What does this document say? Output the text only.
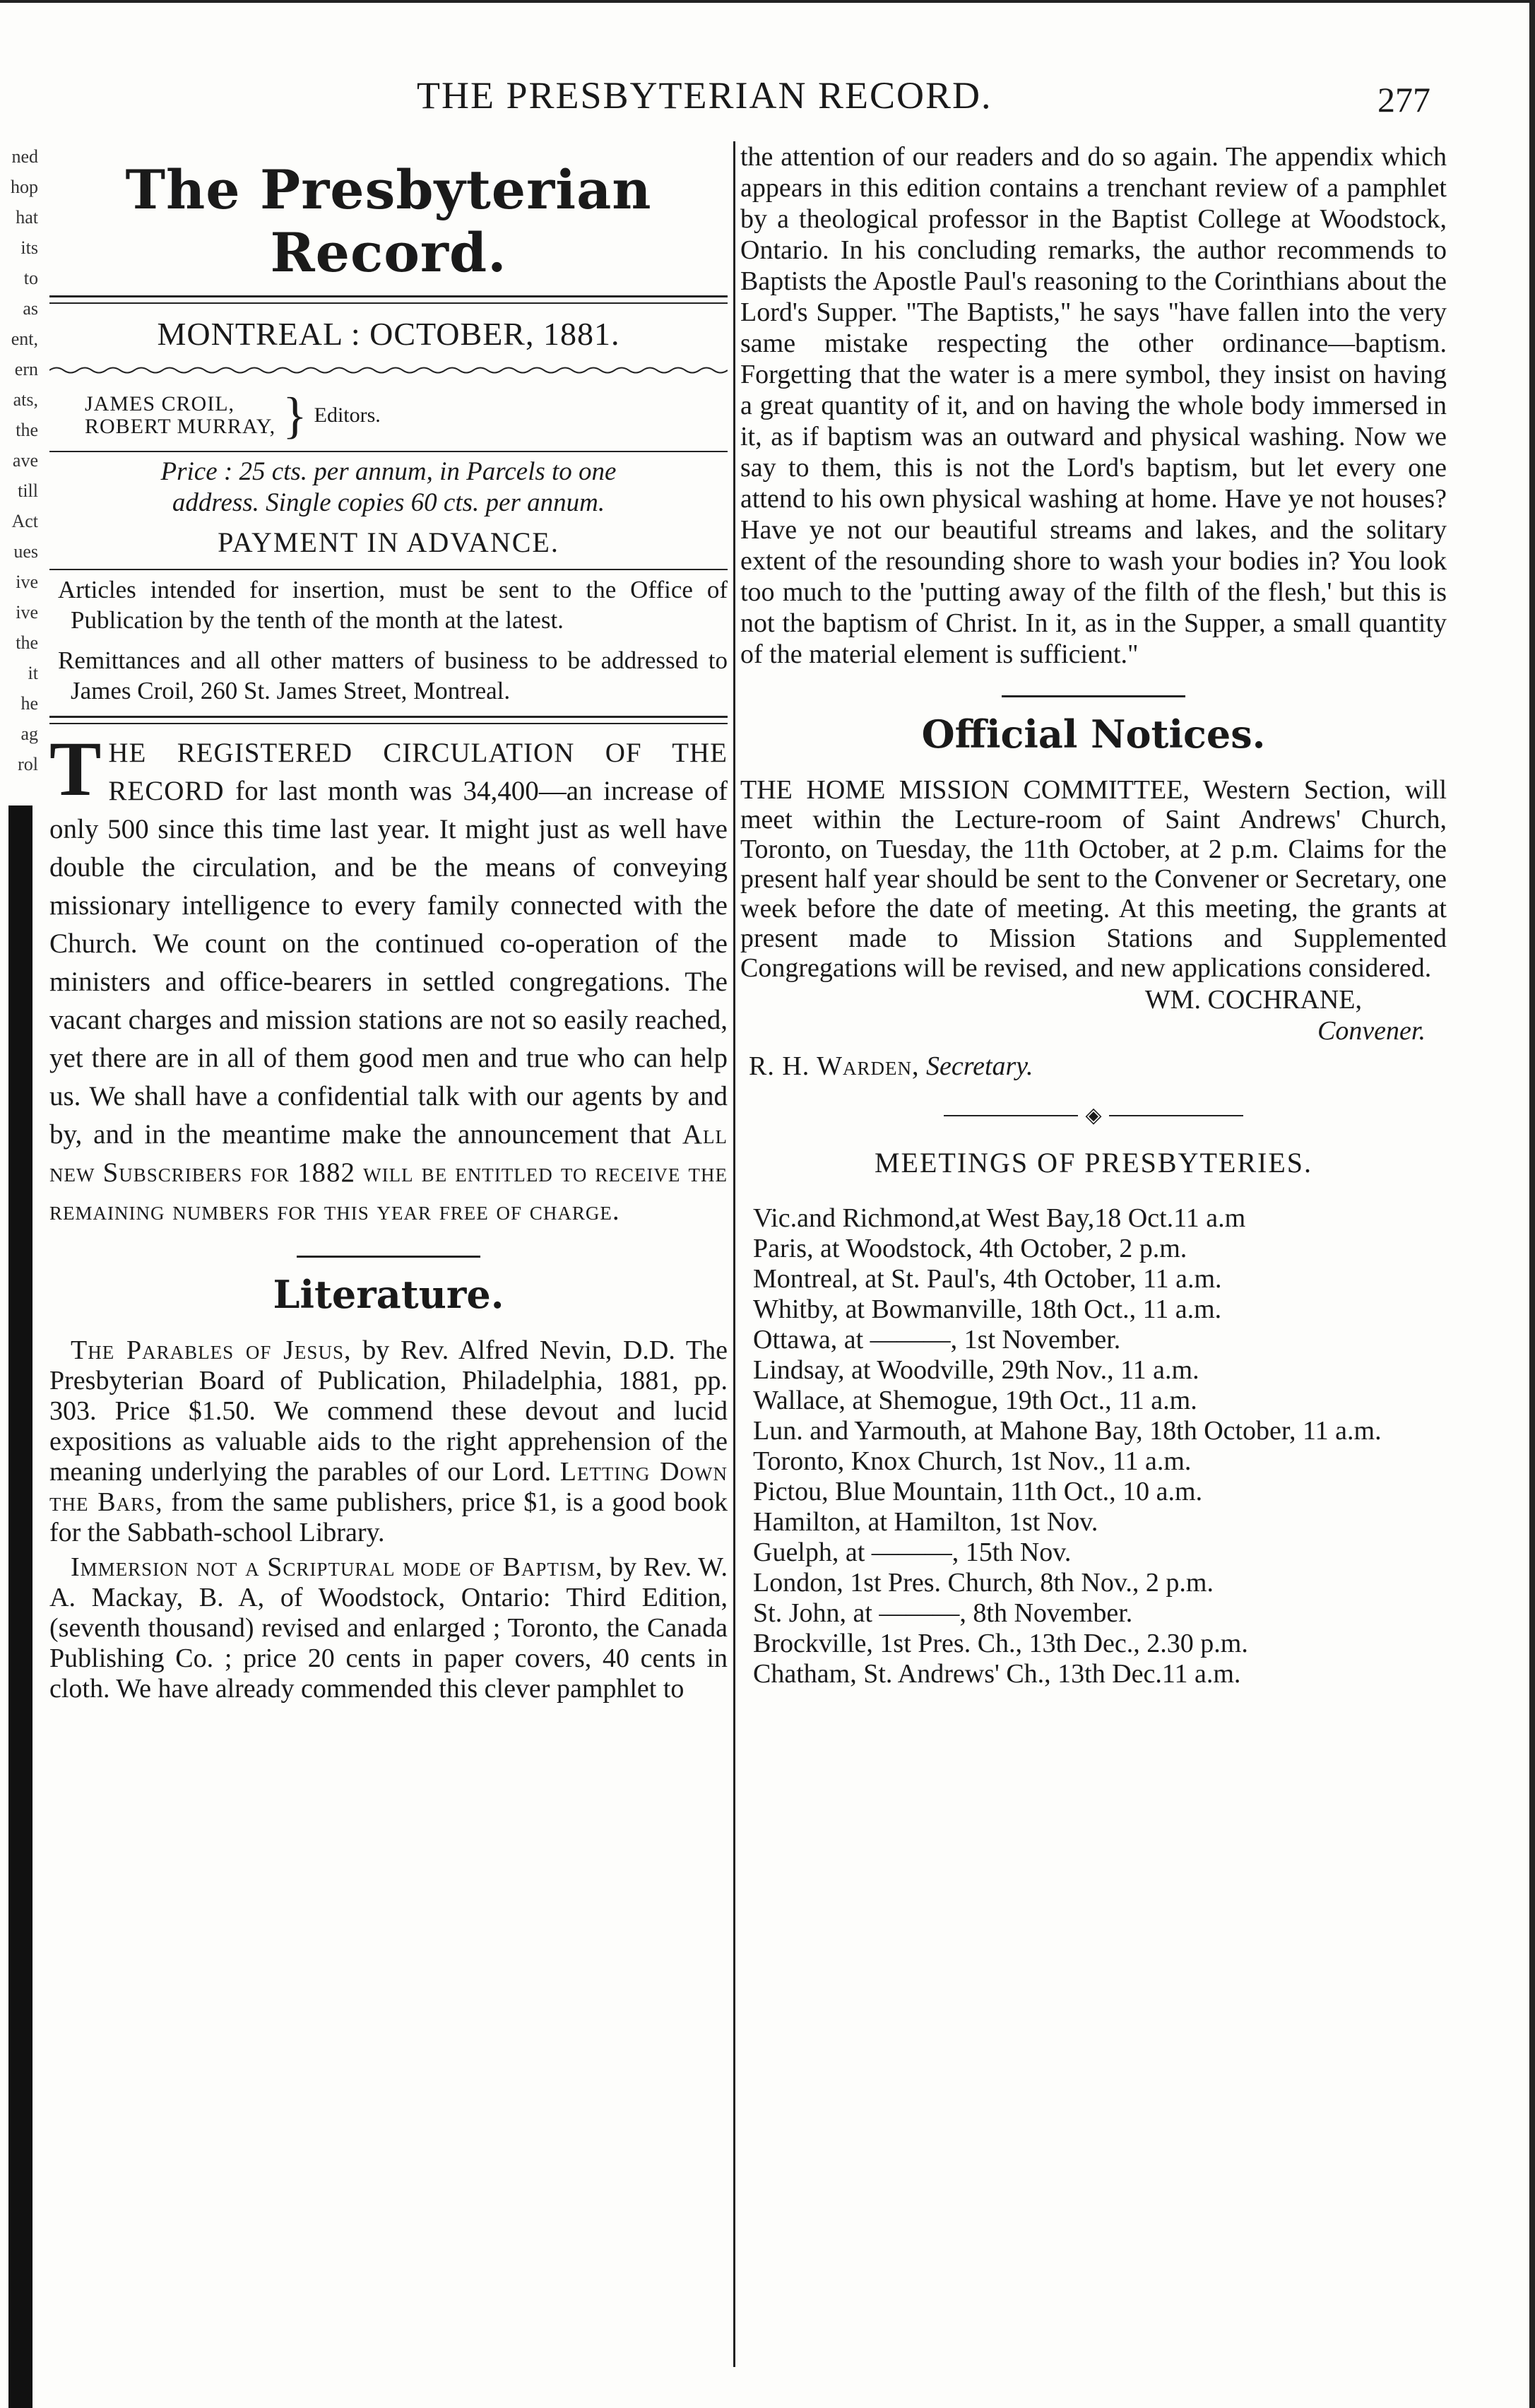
ned
hop
hat
its
to
as
ent,
ern
ats,
the
ave
till
Act
ues
ive
ive
the
it
he
ag
rol
THE PRESBYTERIAN RECORD.	277
The Presbyterian Record.
MONTREAL : OCTOBER, 1881.
JAMES CROIL,
ROBERT MURRAY, } Editors.
Price : 25 cts. per annum, in Parcels to one
address. Single copies 60 cts. per annum.
PAYMENT IN ADVANCE.

Articles intended for insertion, must be sent to the Office of Publication by the tenth of the month at the latest.

Remittances and all other matters of business to be addressed to James Croil, 260 St. James Street, Montreal.

THE REGISTERED CIRCULATION OF THE RECORD for last month was 34,400—an increase of only 500 since this time last year. It might just as well have double the circulation, and be the means of conveying missionary intelligence to every family connected with the Church. We count on the continued co-operation of the ministers and office-bearers in settled congregations. The vacant charges and mission stations are not so easily reached, yet there are in all of them good men and true who can help us. We shall have a confidential talk with our agents by and by, and in the meantime make the announcement that All new Subscribers for 1882 will be entitled to receive the remaining numbers for this year free of charge.

Literature.

The Parables of Jesus, by Rev. Alfred Nevin, D.D. The Presbyterian Board of Publication, Philadelphia, 1881, pp. 303. Price $1.50. We commend these devout and lucid expositions as valuable aids to the right apprehension of the meaning underlying the parables of our Lord. Letting Down the Bars, from the same publishers, price $1, is a good book for the Sabbath-school Library.

Immersion not a Scriptural mode of Baptism, by Rev. W. A. Mackay, B. A, of Woodstock, Ontario: Third Edition, (seventh thousand) revised and enlarged ; Toronto, the Canada Publishing Co. ; price 20 cents in paper covers, 40 cents in cloth. We have already commended this clever pamphlet to

the attention of our readers and do so again. The appendix which appears in this edition contains a trenchant review of a pamphlet by a theological professor in the Baptist College at Woodstock, Ontario. In his concluding remarks, the author recommends to Baptists the Apostle Paul's reasoning to the Corinthians about the Lord's Supper. "The Baptists," he says "have fallen into the very same mistake respecting the other ordinance—baptism. Forgetting that the water is a mere symbol, they insist on having a great quantity of it, and on having the whole body immersed in it, as if baptism was an outward and physical washing. Now we say to them, this is not the Lord's baptism, but let every one attend to his own physical washing at home. Have ye not houses? Have ye not our beautiful streams and lakes, and the solitary extent of the resounding shore to wash your bodies in? You look too much to the 'putting away of the filth of the flesh,' but this is not the baptism of Christ. In it, as in the Supper, a small quantity of the material element is sufficient."

Official Notices.

THE HOME MISSION COMMITTEE, Western Section, will meet within the Lecture-room of Saint Andrews' Church, Toronto, on Tuesday, the 11th October, at 2 p.m. Claims for the present half year should be sent to the Convener or Secretary, one week before the date of meeting. At this meeting, the grants at present made to Mission Stations and Supplemented Congregations will be revised, and new applications considered.

WM. COCHRANE,
Convener.
R. H. Warden, Secretary.
◈
MEETINGS OF PRESBYTERIES.
Vic.and Richmond,at West Bay,18 Oct.11 a.m
Paris, at Woodstock, 4th October, 2 p.m.
Montreal, at St. Paul's, 4th October, 11 a.m.
Whitby, at Bowmanville, 18th Oct., 11 a.m.
Ottawa, at ———, 1st November.
Lindsay, at Woodville, 29th Nov., 11 a.m.
Wallace, at Shemogue, 19th Oct., 11 a.m.
Lun. and Yarmouth, at Mahone Bay, 18th October, 11 a.m.
Toronto, Knox Church, 1st Nov., 11 a.m.
Pictou, Blue Mountain, 11th Oct., 10 a.m.
Hamilton, at Hamilton, 1st Nov.
Guelph, at ———, 15th Nov.
London, 1st Pres. Church, 8th Nov., 2 p.m.
St. John, at ———, 8th November.
Brockville, 1st Pres. Ch., 13th Dec., 2.30 p.m.
Chatham, St. Andrews' Ch., 13th Dec.11 a.m.
